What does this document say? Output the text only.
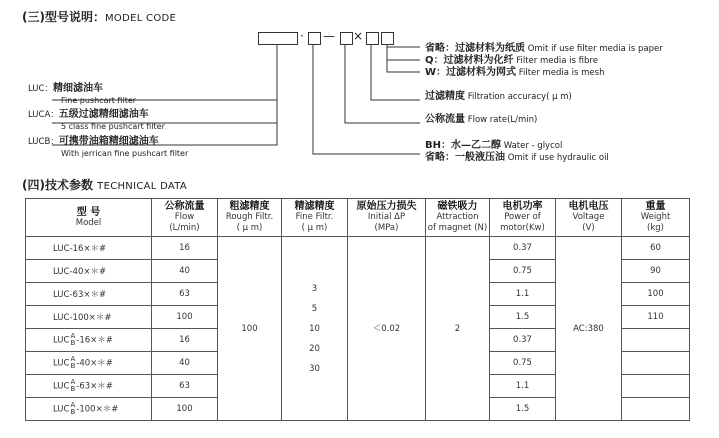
(三)型号说明：MODEL CODE
· — ×
省略：过滤材料为纸质 Omit if use filter media is paper
Q：过滤材料为化纤 Filter media is fibre
W：过滤材料为网式 Filter media is mesh
过滤精度 Filtration accuracy( μ m)
公称流量 Flow rate(L/min)
BH：水—乙二醇 Water - glycol
省略：一般液压油 Omit if use hydraulic oil
LUC：精细滤油车
Fine pushcart filter
LUCA：五级过滤精细滤油车
5 class fine pushcart filter
LUCB：可携带油箱精细滤油车
With jerrican fine pushcart filter
(四)技术参数 TECHNICAL DATA
型 号
Model	公称流量
Flow
(L/min)	粗滤精度
Rough Filtr.
( μ m)	精滤精度
Fine Filtr.
( μ m)	原始压力损失
Initial ΔP
(MPa)	磁铁吸力
Attraction
of magnet (N)	电机功率
Power of
motor(Kw)	电机电压
Voltage
(V)	重量
Weight
(kg)
LUC-16×＊#	16	100	3
5
10
20
30	＜0.02	2	0.37	AC:380	60
LUC-40×＊#	40					0.75		90
LUC-63×＊#	63					1.1		100
LUC-100×＊#	100					1.5		110
LUC A
B -16×＊#	16					0.37		
LUC A
B -40×＊#	40					0.75		
LUC A
B -63×＊#	63					1.1		
LUC A
B -100×＊#	100					1.5		
